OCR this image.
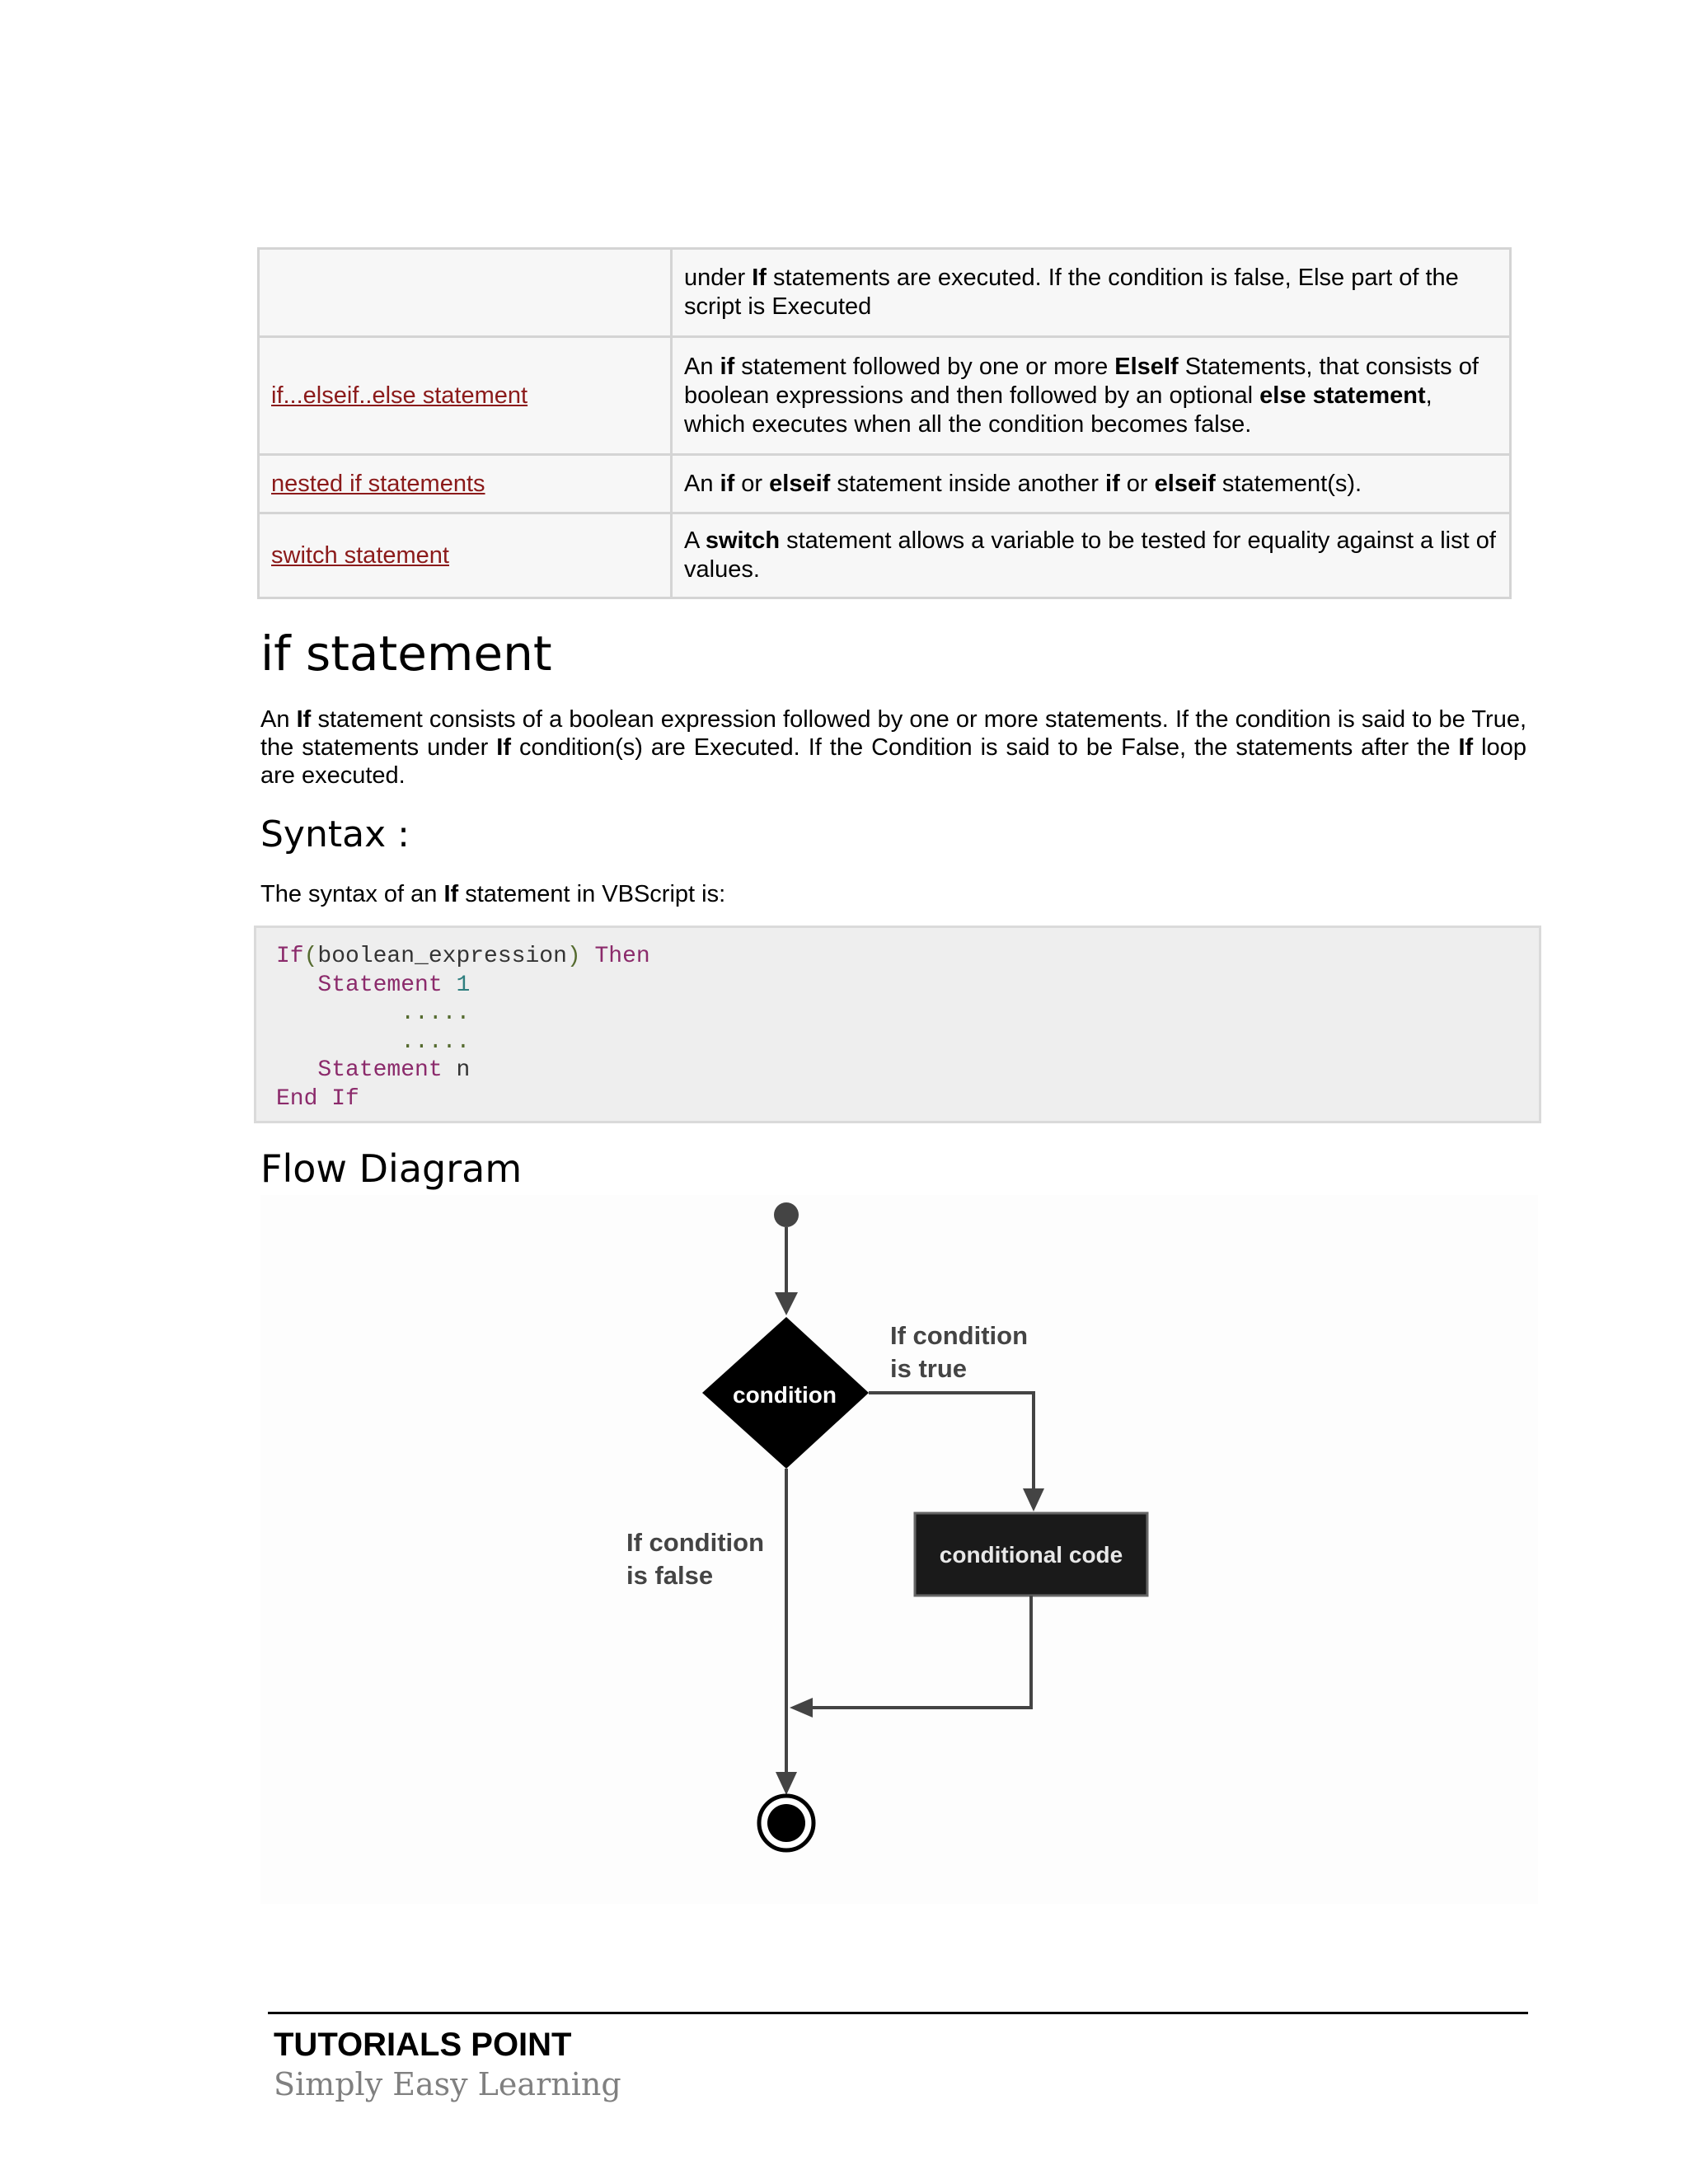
	under If statements are executed. If the condition is false, Else part of the script is Executed
if...elseif..else statement	An if statement followed by one or more ElseIf Statements, that consists of boolean expressions and then followed by an optional else statement, which executes when all the condition becomes false.
nested if statements	An if or elseif statement inside another if or elseif statement(s).
switch statement	A switch statement allows a variable to be tested for equality against a list of values.
if statement

An If statement consists of a boolean expression followed by one or more statements. If the condition is said to be True, the statements under If condition(s) are Executed. If the Condition is said to be False, the statements after the If loop are executed.

Syntax :

The syntax of an If statement in VBScript is:

If(boolean_expression) Then
Statement 1
.....
.....
Statement n
End If
Flow Diagram
condition
If condition
is true
conditional code
If condition
is false

TUTORIALS POINT

Simply Easy Learning
